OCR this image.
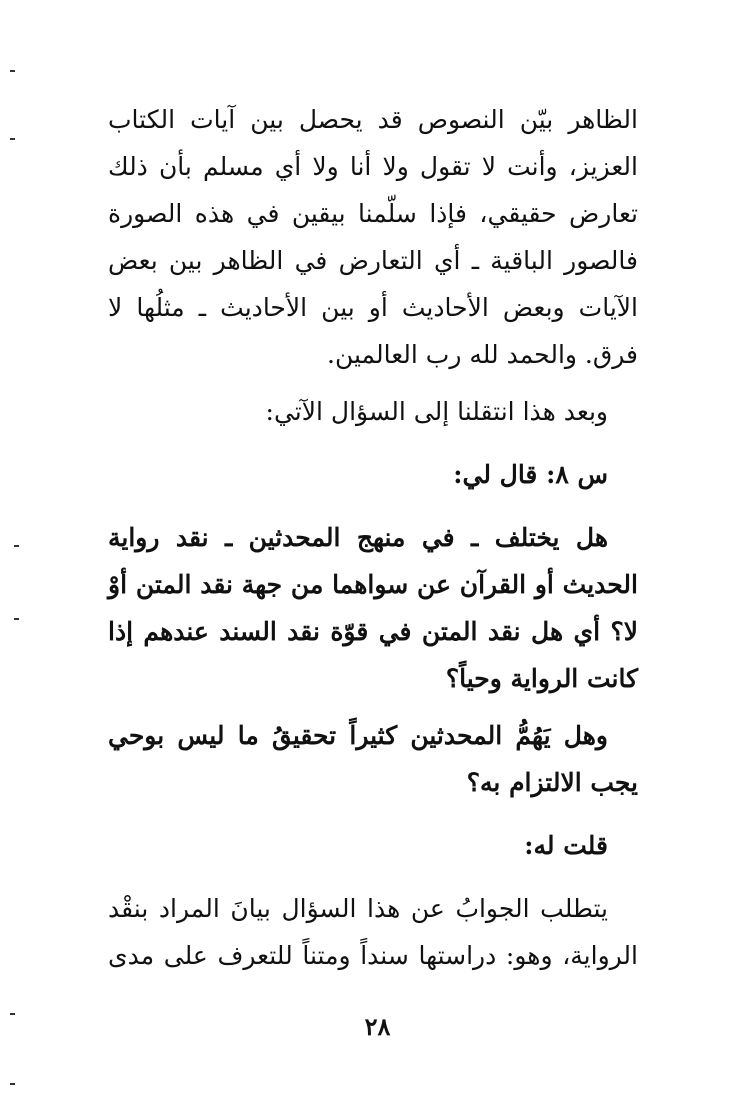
الظاهر بيّن النصوص قد يحصل بين آيات الكتاب
العزيز، وأنت لا تقول ولا أنا ولا أي مسلم بأن ذلك
تعارض حقيقي، فإذا سلّمنا بيقين في هذه الصورة
فالصور الباقية ـ أي التعارض في الظاهر بين بعض
الآيات وبعض الأحاديث أو بين الأحاديث ـ مثلُها لا
فرق. والحمد لله رب العالمين.
وبعد هذا انتقلنا إلى السؤال الآتي:
س ٨: قال لي:
هل يختلف ـ في منهج المحدثين ـ نقد رواية
الحديث أو القرآن عن سواهما من جهة نقد المتن أوْ
لا؟ أي هل نقد المتن في قوّة نقد السند عندهم إذا
كانت الرواية وحياً؟
وهل يَهُمُّ المحدثين كثيراً تحقيقُ ما ليس بوحي
يجب الالتزام به؟
قلت له:
يتطلب الجوابُ عن هذا السؤال بيانَ المراد بنقْد
الرواية، وهو: دراستها سنداً ومتناً للتعرف على مدى
٢٨
